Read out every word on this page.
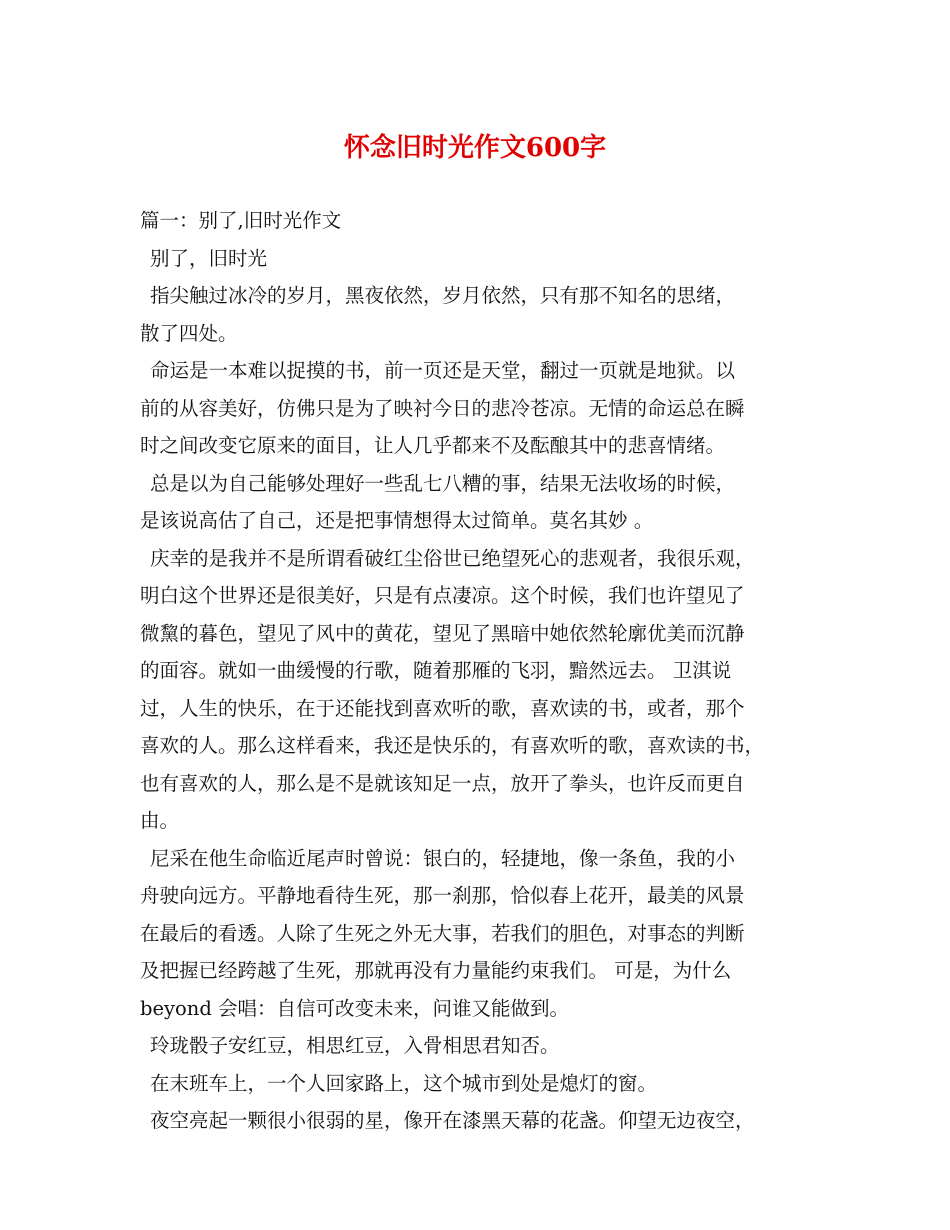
怀念旧时光作文600字

篇一：别了,旧时光作文

别了，旧时光

指尖触过冰冷的岁月，黑夜依然，岁月依然，只有那不知名的思绪，

散了四处。

命运是一本难以捉摸的书，前一页还是天堂，翻过一页就是地狱。以

前的从容美好，仿佛只是为了映衬今日的悲冷苍凉。无情的命运总在瞬

时之间改变它原来的面目，让人几乎都来不及酝酿其中的悲喜情绪。

总是以为自己能够处理好一些乱七八糟的事，结果无法收场的时候，

是该说高估了自己，还是把事情想得太过简单。莫名其妙 。

庆幸的是我并不是所谓看破红尘俗世已绝望死心的悲观者，我很乐观，

明白这个世界还是很美好，只是有点凄凉。这个时候，我们也许望见了

微黧的暮色，望见了风中的黄花，望见了黑暗中她依然轮廓优美而沉静

的面容。就如一曲缓慢的行歌，随着那雁的飞羽，黯然远去。 卫淇说

过，人生的快乐，在于还能找到喜欢听的歌，喜欢读的书，或者，那个

喜欢的人。那么这样看来，我还是快乐的，有喜欢听的歌，喜欢读的书，

也有喜欢的人，那么是不是就该知足一点，放开了拳头，也许反而更自

由。

尼采在他生命临近尾声时曾说：银白的，轻捷地，像一条鱼，我的小

舟驶向远方。平静地看待生死，那一刹那，恰似春上花开，最美的风景

在最后的看透。人除了生死之外无大事，若我们的胆色，对事态的判断

及把握已经跨越了生死，那就再没有力量能约束我们。 可是，为什么

beyond 会唱：自信可改变未来，问谁又能做到。

玲珑骰子安红豆，相思红豆，入骨相思君知否。

在末班车上，一个人回家路上，这个城市到处是熄灯的窗。

夜空亮起一颗很小很弱的星，像开在漆黑天幕的花盏。仰望无边夜空，
